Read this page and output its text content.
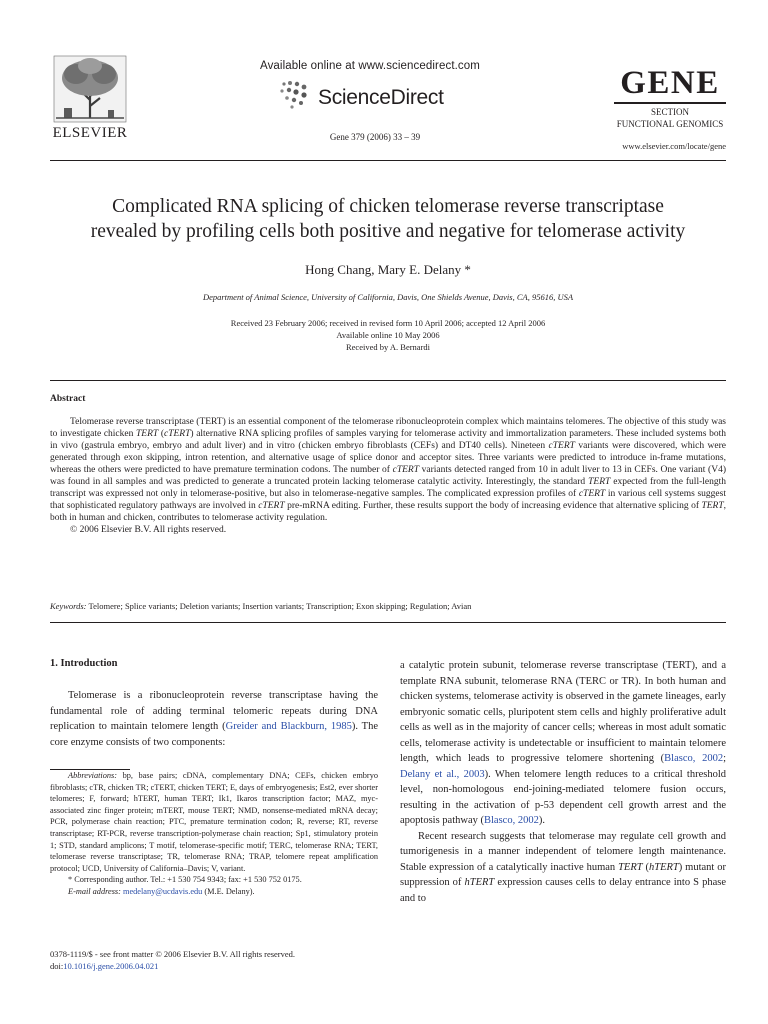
ELSEVIER
Available online at www.sciencedirect.com
ScienceDirect
Gene 379 (2006) 33 – 39
GENE
SECTION
FUNCTIONAL GENOMICS
www.elsevier.com/locate/gene
Complicated RNA splicing of chicken telomerase reverse transcriptase
revealed by profiling cells both positive and negative for telomerase activity
Hong Chang, Mary E. Delany *
Department of Animal Science, University of California, Davis, One Shields Avenue, Davis, CA, 95616, USA
Received 23 February 2006; received in revised form 10 April 2006; accepted 12 April 2006
Available online 10 May 2006
Received by A. Bernardi
Abstract

Telomerase reverse transcriptase (TERT) is an essential component of the telomerase ribonucleoprotein complex which maintains telomeres. The objective of this study was to investigate chicken TERT (cTERT) alternative RNA splicing profiles of samples varying for telomerase activity and immortalization parameters. These included systems both in vivo (gastrula embryo, embryo and adult liver) and in vitro (chicken embryo fibroblasts (CEFs) and DT40 cells). Nineteen cTERT variants were discovered, which were generated through exon skipping, intron retention, and alternative usage of splice donor and acceptor sites. Three variants were predicted to introduce in-frame mutations, whereas the others were predicted to have premature termination codons. The number of cTERT variants detected ranged from 10 in adult liver to 13 in CEFs. One variant (V4) was found in all samples and was predicted to generate a truncated protein lacking telomerase catalytic activity. Interestingly, the standard TERT expected from the full-length transcript was expressed not only in telomerase-positive, but also in telomerase-negative samples. The complicated expression profiles of cTERT in various cell systems suggest that sophisticated regulatory pathways are involved in cTERT pre-mRNA editing. Further, these results support the body of increasing evidence that alternative splicing of TERT, both in human and chicken, contributes to telomerase activity regulation.

© 2006 Elsevier B.V. All rights reserved.

Keywords: Telomere; Splice variants; Deletion variants; Insertion variants; Transcription; Exon skipping; Regulation; Avian

1. Introduction

Telomerase is a ribonucleoprotein reverse transcriptase having the fundamental role of adding terminal telomeric repeats during DNA replication to maintain telomere length (Greider and Blackburn, 1985). The core enzyme consists of two components:

Abbreviations: bp, base pairs; cDNA, complementary DNA; CEFs, chicken embryo fibroblasts; cTR, chicken TR; cTERT, chicken TERT; E, days of embryogenesis; Est2, ever shorter telomeres; F, forward; hTERT, human TERT; Ik1, Ikaros transcription factor; MAZ, myc-associated zinc finger protein; mTERT, mouse TERT; NMD, nonsense-mediated mRNA decay; PCR, polymerase chain reaction; PTC, premature termination codon; R, reverse; RT, reverse transcriptase; RT-PCR, reverse transcription-polymerase chain reaction; Sp1, stimulatory protein 1; STD, standard amplicons; T motif, telomerase-specific motif; TERC, telomerase RNA; TERT, telomerase reverse transcriptase; TR, telomerase RNA; TRAP, telomere repeat amplification protocol; UCD, University of California–Davis; V, variant.

* Corresponding author. Tel.: +1 530 754 9343; fax: +1 530 752 0175.

E-mail address: medelany@ucdavis.edu (M.E. Delany).

0378-1119/$ - see front matter © 2006 Elsevier B.V. All rights reserved.

doi:10.1016/j.gene.2006.04.021

a catalytic protein subunit, telomerase reverse transcriptase (TERT), and a template RNA subunit, telomerase RNA (TERC or TR). In both human and chicken systems, telomerase activity is observed in the gamete lineages, early embryonic somatic cells, pluripotent stem cells and highly proliferative adult cells as well as in the majority of cancer cells; whereas in most adult somatic cells, telomerase activity is undetectable or insufficient to maintain telomere length, which leads to progressive telomere shortening (Blasco, 2002; Delany et al., 2003). When telomere length reduces to a critical threshold level, non-homologous end-joining-mediated telomere fusion occurs, resulting in the activation of p-53 dependent cell growth arrest and the apoptosis pathway (Blasco, 2002).

Recent research suggests that telomerase may regulate cell growth and tumorigenesis in a manner independent of telomere length maintenance. Stable expression of a catalytically inactive human TERT (hTERT) mutant or suppression of hTERT expression causes cells to delay entrance into S phase and to
